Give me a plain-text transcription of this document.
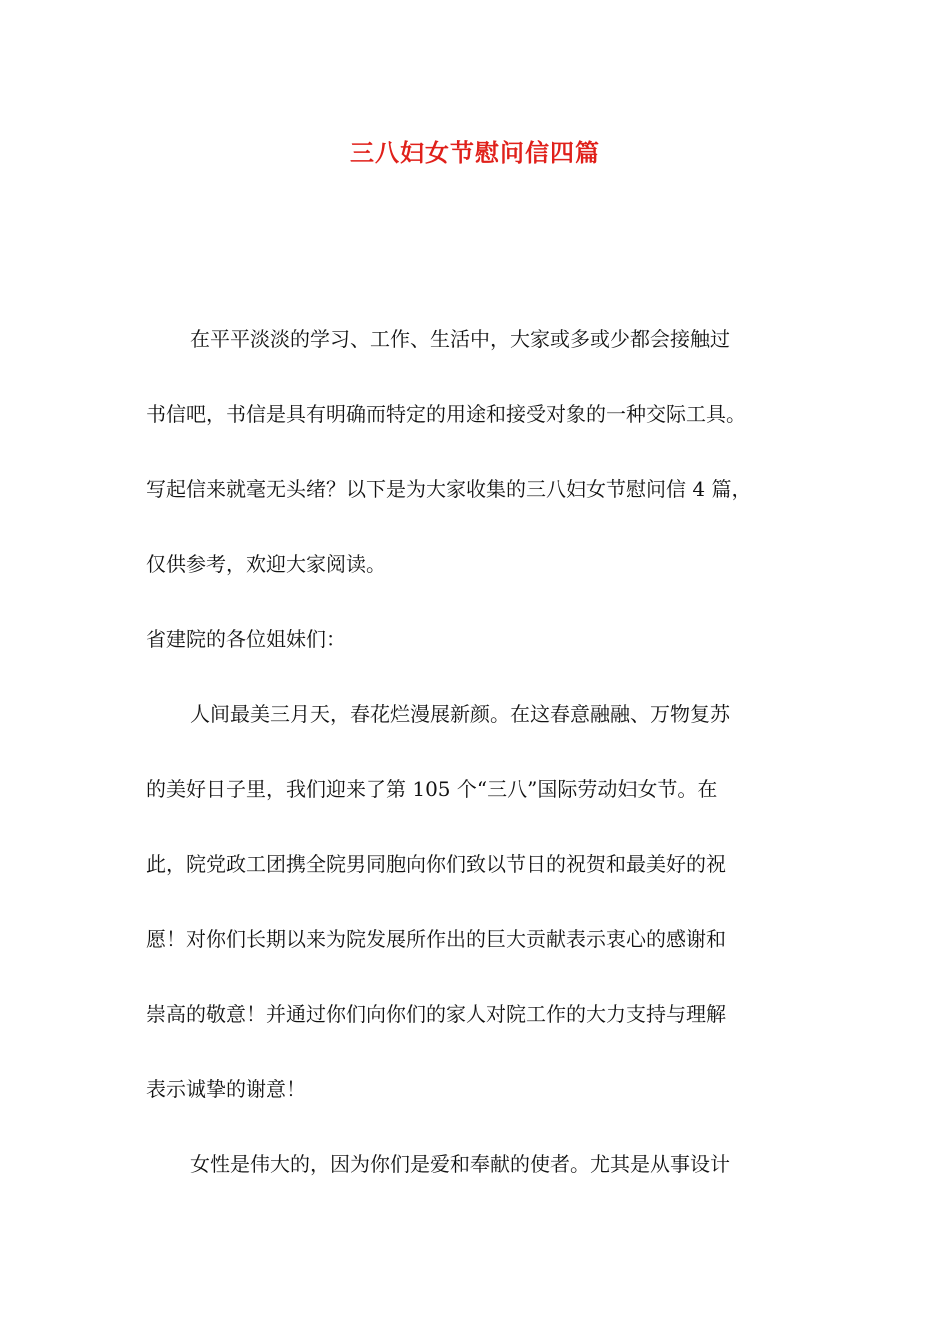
三八妇女节慰问信四篇
在平平淡淡的学习、工作、生活中，大家或多或少都会接触过
书信吧，书信是具有明确而特定的用途和接受对象的一种交际工具。
写起信来就毫无头绪？以下是为大家收集的三八妇女节慰问信 4 篇，
仅供参考，欢迎大家阅读。
省建院的各位姐妹们：
人间最美三月天，春花烂漫展新颜。在这春意融融、万物复苏
的美好日子里，我们迎来了第 105 个“三八”国际劳动妇女节。在
此，院党政工团携全院男同胞向你们致以节日的祝贺和最美好的祝
愿！对你们长期以来为院发展所作出的巨大贡献表示衷心的感谢和
崇高的敬意！并通过你们向你们的家人对院工作的大力支持与理解
表示诚挚的谢意！
女性是伟大的，因为你们是爱和奉献的使者。尤其是从事设计
